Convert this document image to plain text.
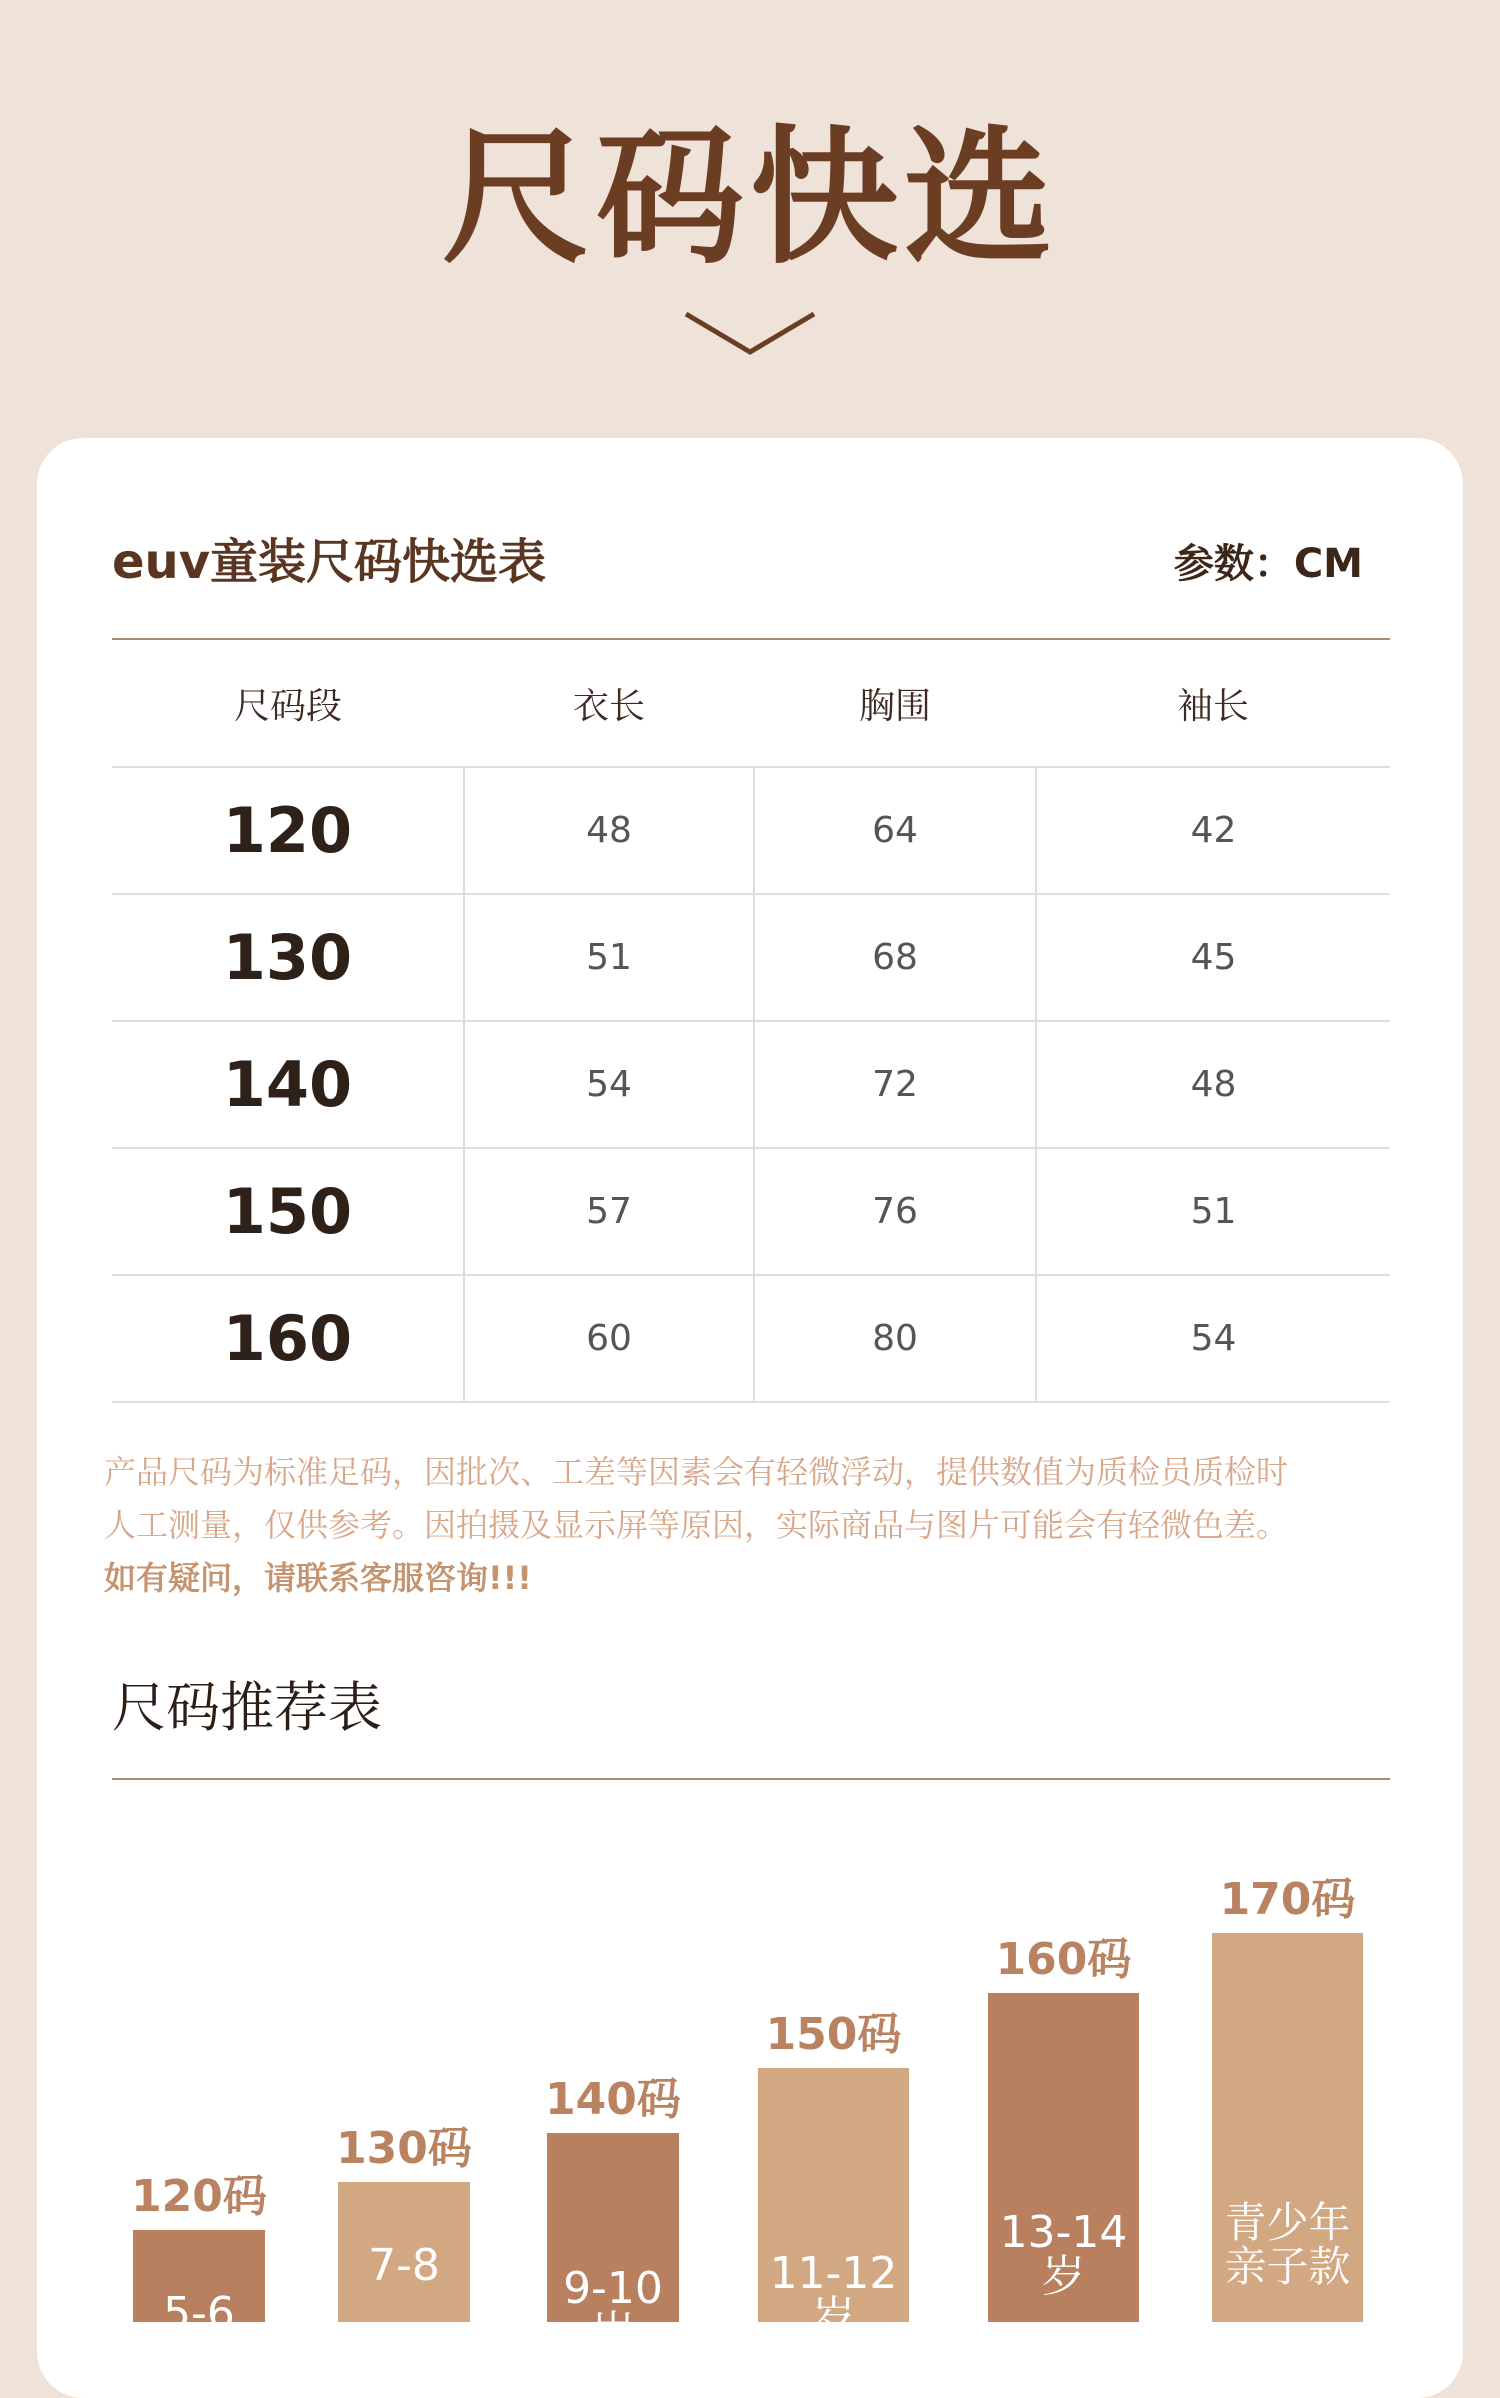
尺码快选
euv童装尺码快选表	参数：CM
尺码段	衣长	胸围	袖长
120	48	64	42
130	51	68	45
140	54	72	48
150	57	76	51
160	60	80	54

产品尺码为标准足码，因批次、工差等因素会有轻微浮动，提供数值为质检员质检时

人工测量，仅供参考。因拍摄及显示屏等原因，实际商品与图片可能会有轻微色差。

如有疑问，请联系客服咨询!!!

尺码推荐表
5-6
120码
7-8
130码
9-10
岁
140码
11-12
岁
150码
13-14
岁
160码
青少年
亲子款
170码
